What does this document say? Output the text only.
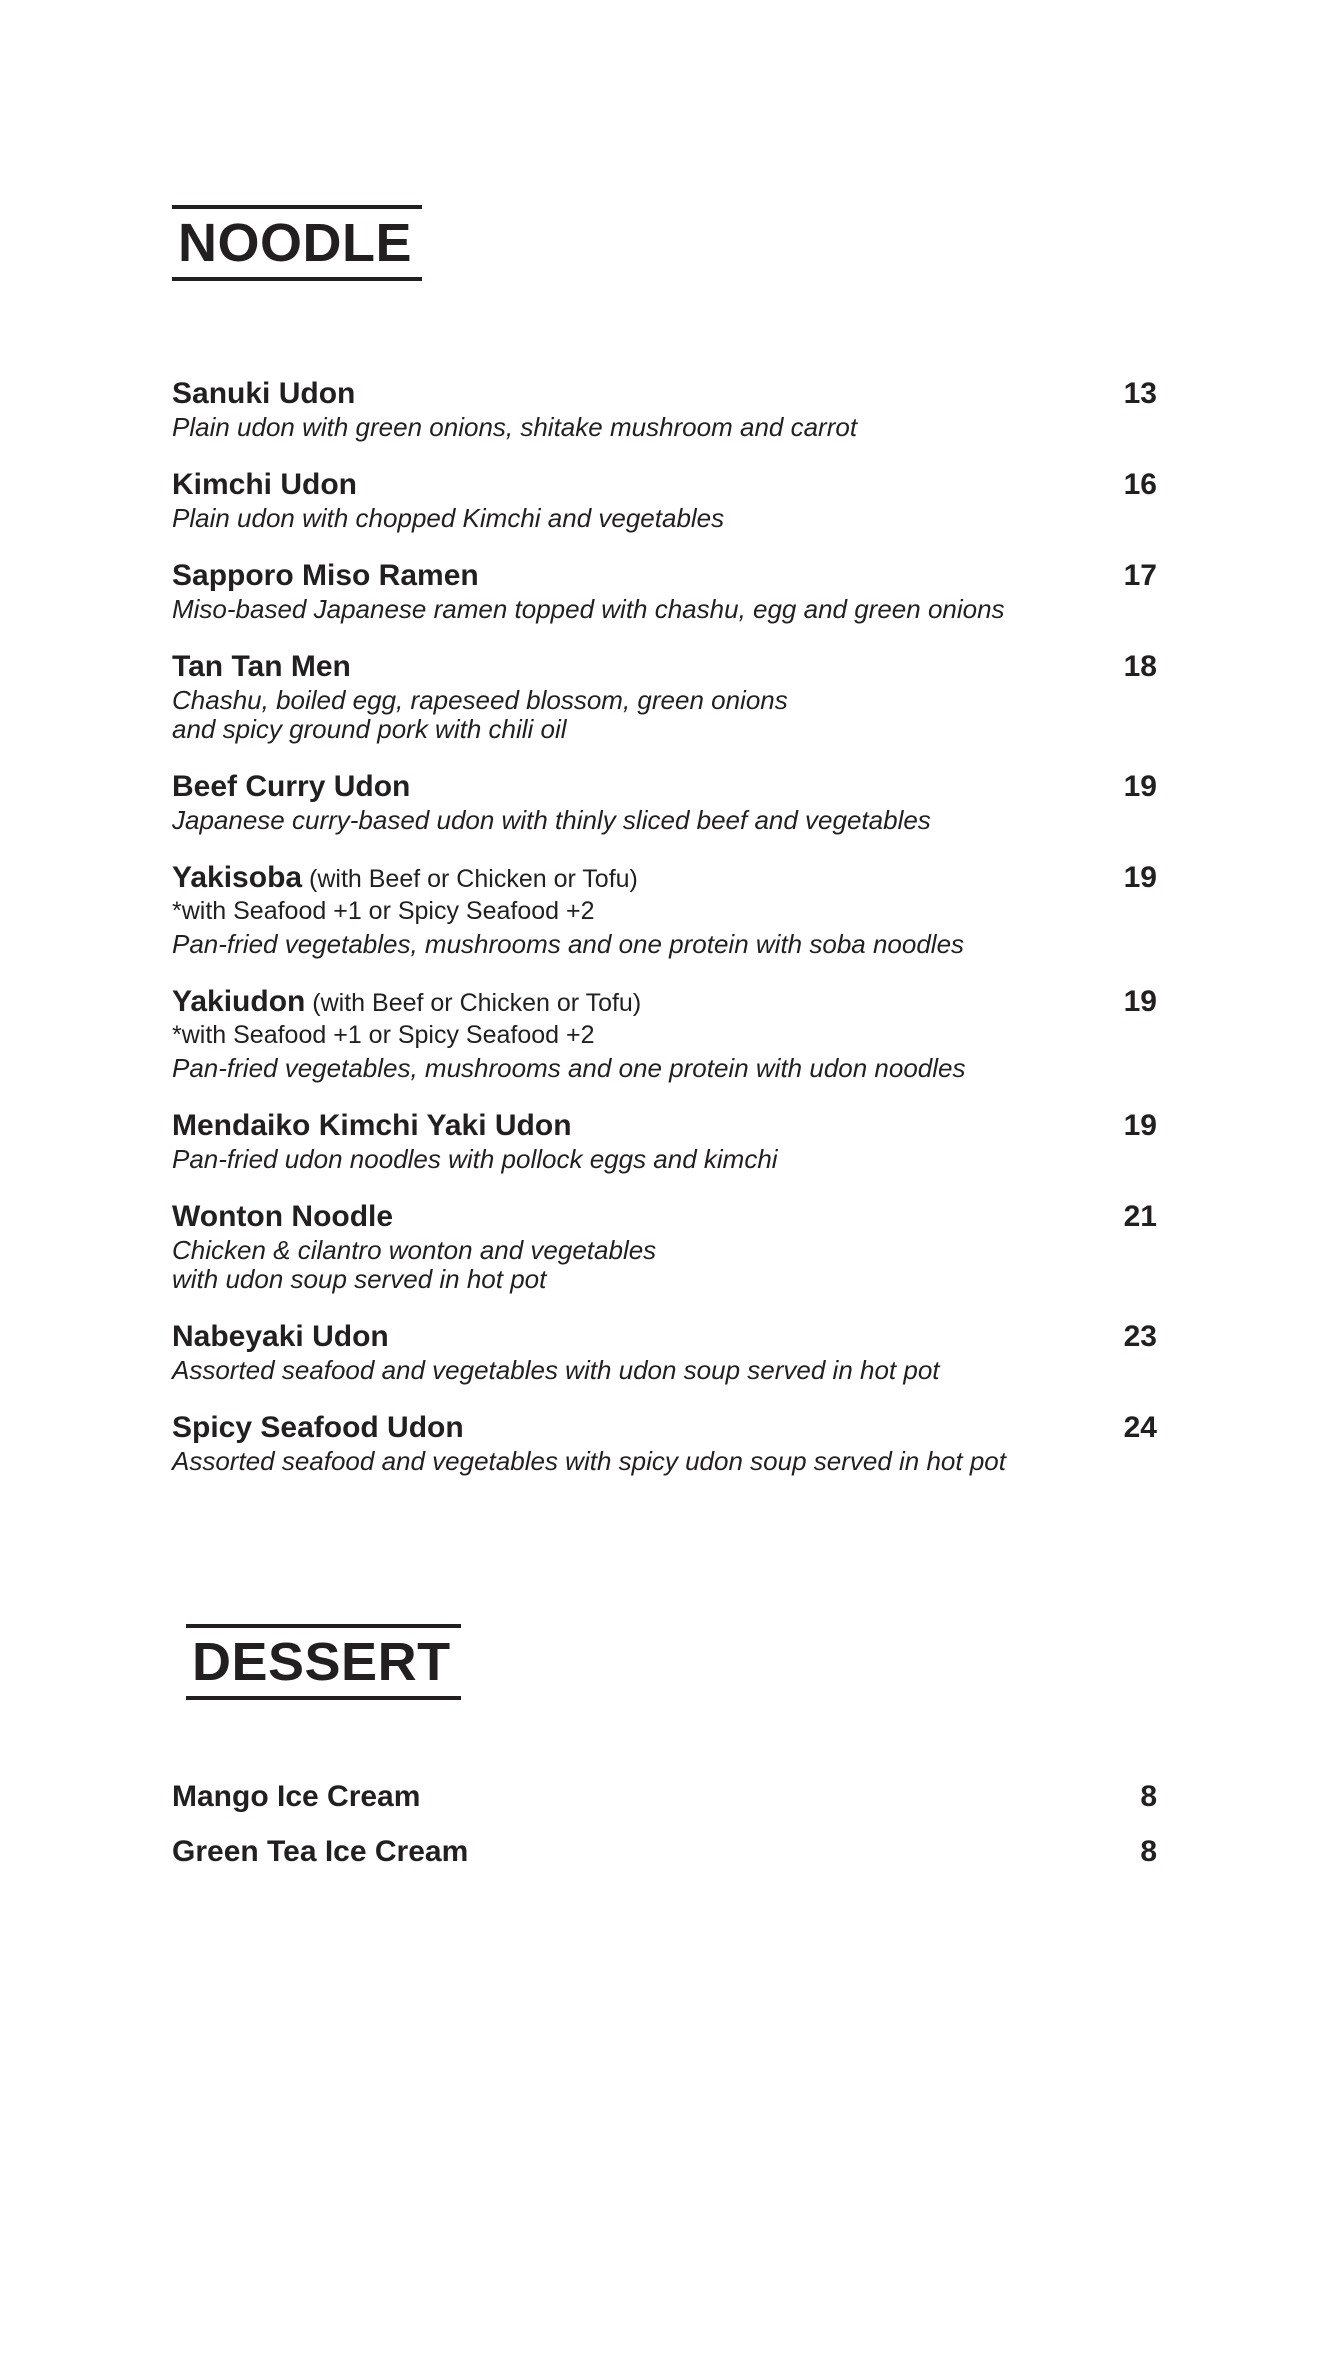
NOODLE
Sanuki Udon
Plain udon with green onions, shitake mushroom and carrot
13
Kimchi Udon
Plain udon with chopped Kimchi and vegetables
16
Sapporo Miso Ramen
Miso-based Japanese ramen topped with chashu, egg and green onions
17
Tan Tan Men
Chashu, boiled egg, rapeseed blossom, green onions
and spicy ground pork with chili oil
18
Beef Curry Udon
Japanese curry-based udon with thinly sliced beef and vegetables
19
Yakisoba (with Beef or Chicken or Tofu)
*with Seafood +1 or Spicy Seafood +2
Pan-fried vegetables, mushrooms and one protein with soba noodles
19
Yakiudon (with Beef or Chicken or Tofu)
*with Seafood +1 or Spicy Seafood +2
Pan-fried vegetables, mushrooms and one protein with udon noodles
19
Mendaiko Kimchi Yaki Udon
Pan-fried udon noodles with pollock eggs and kimchi
19
Wonton Noodle
Chicken & cilantro wonton and vegetables
with udon soup served in hot pot
21
Nabeyaki Udon
Assorted seafood and vegetables with udon soup served in hot pot
23
Spicy Seafood Udon
Assorted seafood and vegetables with spicy udon soup served in hot pot
24
DESSERT
Mango Ice Cream	8
Green Tea Ice Cream	8
